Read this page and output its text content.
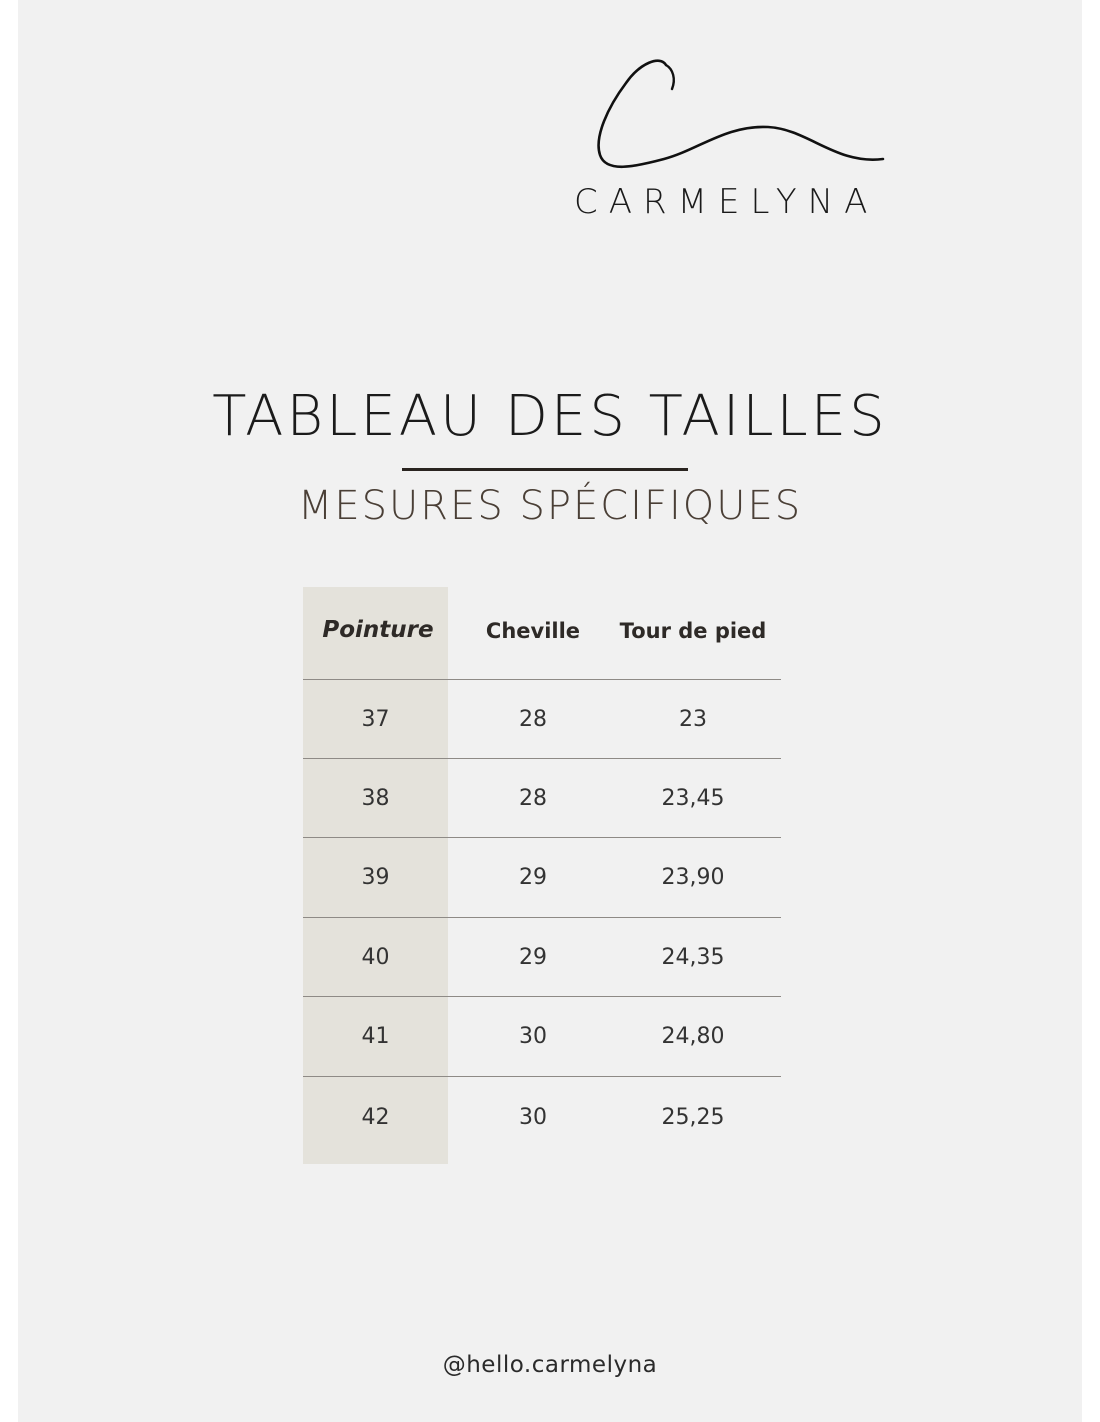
CARMELYNA
TABLEAU DES TAILLES
MESURES SPÉCIFIQUES
Pointure	Cheville	Tour de pied
37	28	23
38	28	23,45
39	29	23,90
40	29	24,35
41	30	24,80
42	30	25,25
@hello.carmelyna
